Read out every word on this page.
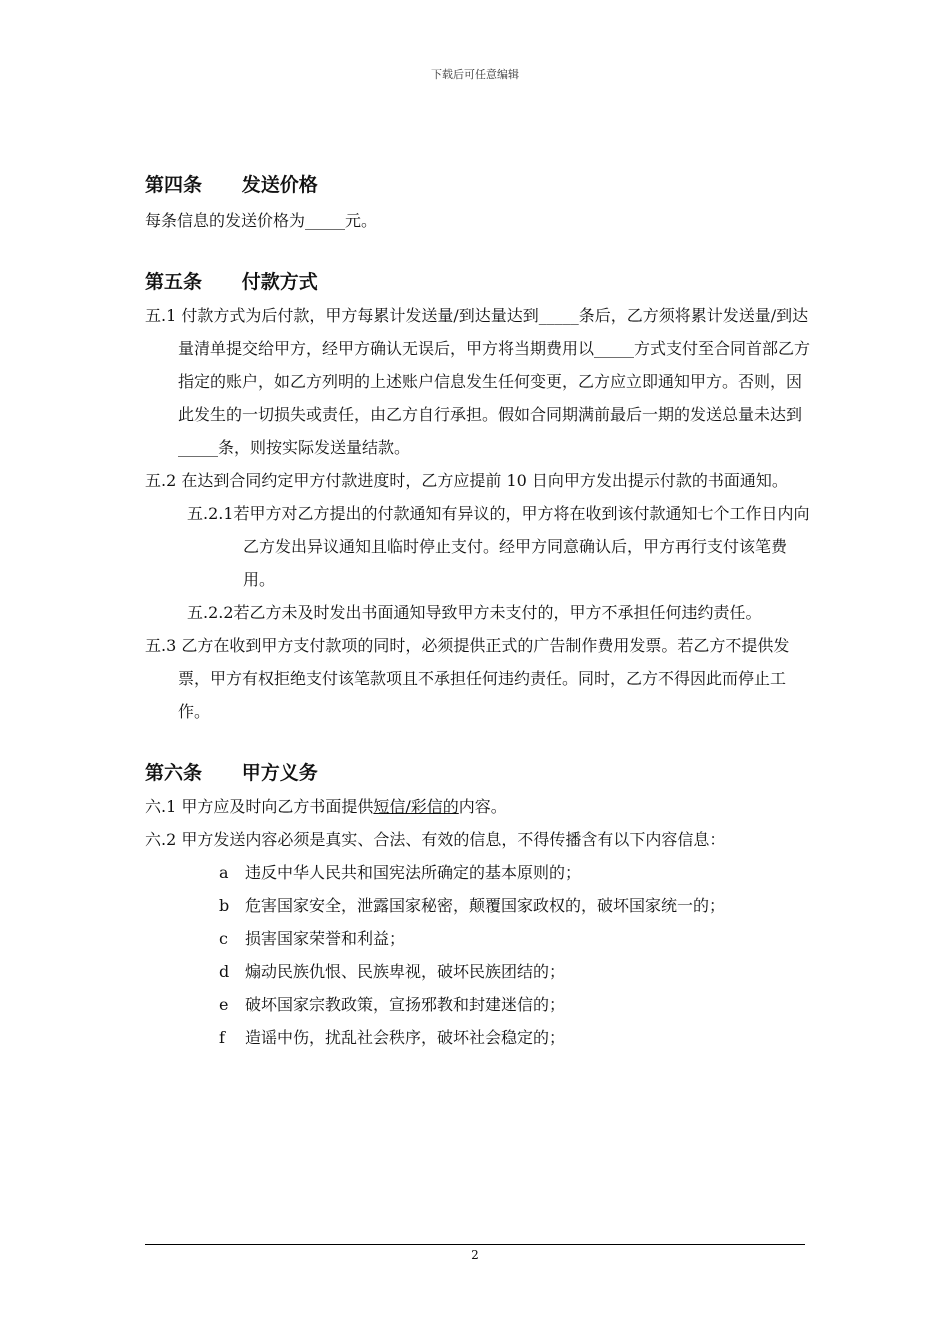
下载后可任意编辑
第四条      发送价格
每条信息的发送价格为_____元。
第五条      付款方式
五.1 付款方式为后付款，甲方每累计发送量/到达量达到_____条后，乙方须将累计发送量/到达量清单提交给甲方，经甲方确认无误后，甲方将当期费用以_____方式支付至合同首部乙方指定的账户，如乙方列明的上述账户信息发生任何变更，乙方应立即通知甲方。否则，因此发生的一切损失或责任，由乙方自行承担。假如合同期满前最后一期的发送总量未达到_____条，则按实际发送量结款。
五.2 在达到合同约定甲方付款进度时，乙方应提前 10 日向甲方发出提示付款的书面通知。
五.2.1若甲方对乙方提出的付款通知有异议的，甲方将在收到该付款通知七个工作日内向乙方发出异议通知且临时停止支付。经甲方同意确认后，甲方再行支付该笔费用。
五.2.2若乙方未及时发出书面通知导致甲方未支付的，甲方不承担任何违约责任。
五.3 乙方在收到甲方支付款项的同时，必须提供正式的广告制作费用发票。若乙方不提供发票，甲方有权拒绝支付该笔款项且不承担任何违约责任。同时，乙方不得因此而停止工作。
第六条      甲方义务
六.1 甲方应及时向乙方书面提供短信/彩信的内容。
六.2 甲方发送内容必须是真实、合法、有效的信息，不得传播含有以下内容信息：
a 违反中华人民共和国宪法所确定的基本原则的；
b 危害国家安全，泄露国家秘密，颠覆国家政权的，破坏国家统一的；
c 损害国家荣誉和利益；
d 煽动民族仇恨、民族卑视，破坏民族团结的；
e 破坏国家宗教政策，宣扬邪教和封建迷信的；
f 造谣中伤，扰乱社会秩序，破坏社会稳定的；
2
